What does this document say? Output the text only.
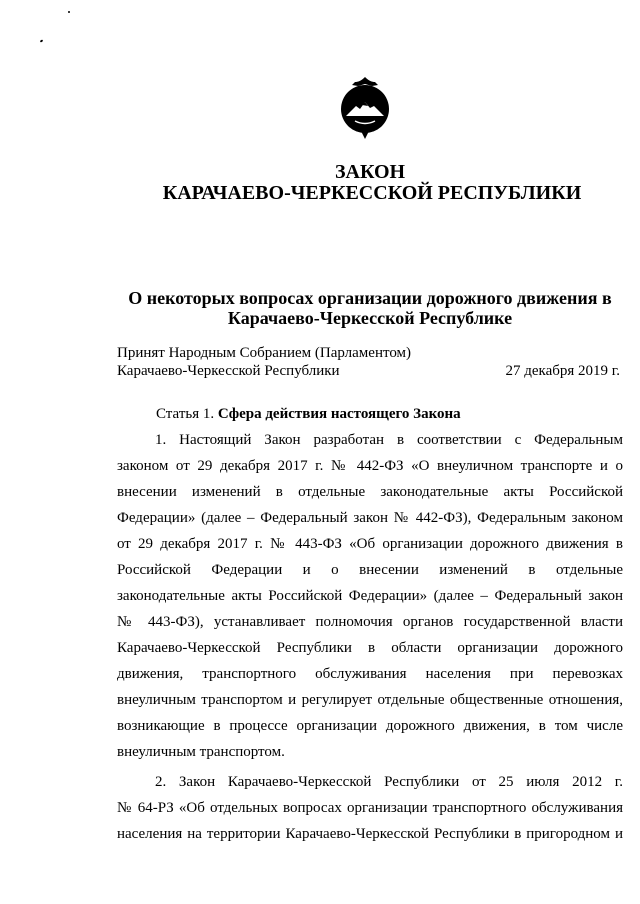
ЗАКОН
КАРАЧАЕВО-ЧЕРКЕССКОЙ РЕСПУБЛИКИ
О некоторых вопросах организации дорожного движения в
Карачаево-Черкесской Республике
Принят Народным Собранием (Парламентом)
Карачаево-Черкесской Республики	27 декабря 2019 г.
Статья 1. Сфера действия настоящего Закона
1. Настоящий Закон разработан в соответствии с Федеральным
законом от 29 декабря 2017 г. № 442-ФЗ «О внеуличном транспорте и о
внесении изменений в отдельные законодательные акты Российской
Федерации» (далее – Федеральный закон № 442-ФЗ), Федеральным законом
от 29 декабря 2017 г. № 443-ФЗ «Об организации дорожного движения в
Российской Федерации и о внесении изменений в отдельные
законодательные акты Российской Федерации» (далее – Федеральный закон
№ 443-ФЗ), устанавливает полномочия органов государственной власти
Карачаево-Черкесской Республики в области организации дорожного
движения, транспортного обслуживания населения при перевозках
внеуличным транспортом и регулирует отдельные общественные отношения,
возникающие в процессе организации дорожного движения, в том числе
внеуличным транспортом.
2. Закон Карачаево-Черкесской Республики от 25 июля 2012 г.
№ 64-РЗ «Об отдельных вопросах организации транспортного обслуживания
населения на территории Карачаево-Черкесской Республики в пригородном и
